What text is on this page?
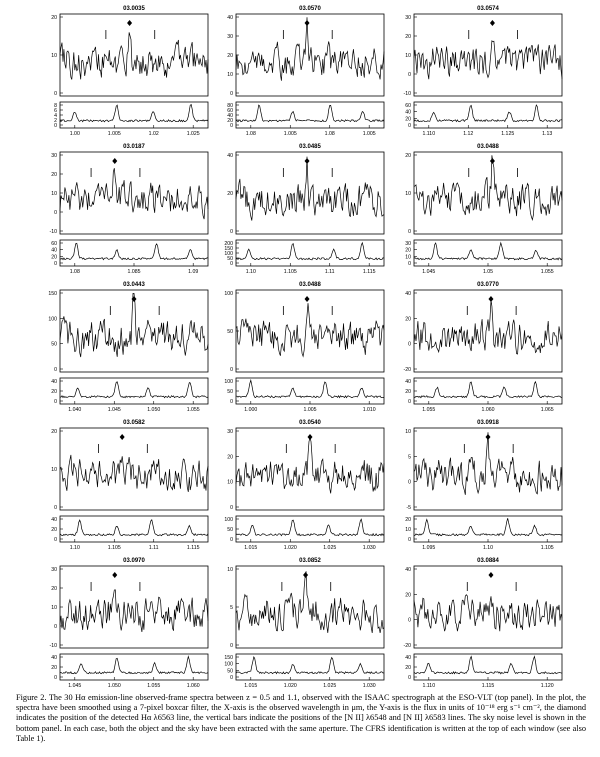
03.0035
20
10
0
8
6
4
2
0
1.00	1.005	1.02	1.025
03.0570
40
30
20
10
0
80
60
40
20
0
1.08	1.005	1.08	1.005
03.0574
30
20
10
0
-10
60
40
20
0
1.110	1.12	1.125	1.13
03.0187
30
20
10
0
-10
60
40
20
0
1.08	1.085	1.09
03.0485
40
20
0
200
150
100
50
0
1.10	1.105	1.11	1.115
03.0488
20
10
0
30
20
10
0
1.045	1.05	1.055
03.0443
150
100
50
0
40
20
0
1.040	1.045	1.050	1.055
03.0488
100
50
0
100
50
0
1.000	1.005	1.010
03.0770
40
20
0
-20
40
20
0
1.055	1.060	1.065
03.0582
20
10
0
40
20
0
1.10	1.105	1.11	1.115
03.0540
30
20
10
0
100
50
0
1.015	1.020	1.025	1.030
03.0918
10
5
0
-5
20
10
0
1.095	1.10	1.105
03.0970
30
20
10
0
-10
40
20
0
1.045	1.050	1.055	1.060
03.0852
10
5
0
150
100
50
0
1.015	1.020	1.025	1.030
03.0884
40
20
0
-20
40
20
0
1.110	1.115	1.120
Figure 2. The 30 Hα emission-line observed-frame spectra between z = 0.5 and 1.1, observed with the ISAAC spectrograph at the ESO-VLT (top panel). In the plot, the spectra have been smoothed using a 7-pixel boxcar filter, the X-axis is the observed wavelength in μm, the Y-axis is the flux in units of 10⁻¹⁸ erg s⁻¹ cm⁻², the diamond indicates the position of the detected Hα λ6563 line, the vertical bars indicate the positions of the [N II] λ6548 and [N II] λ6583 lines. The sky noise level is shown in the bottom panel. In each case, both the object and the sky have been extracted with the same aperture. The CFRS identification is written at the top of each window (see also Table 1).
